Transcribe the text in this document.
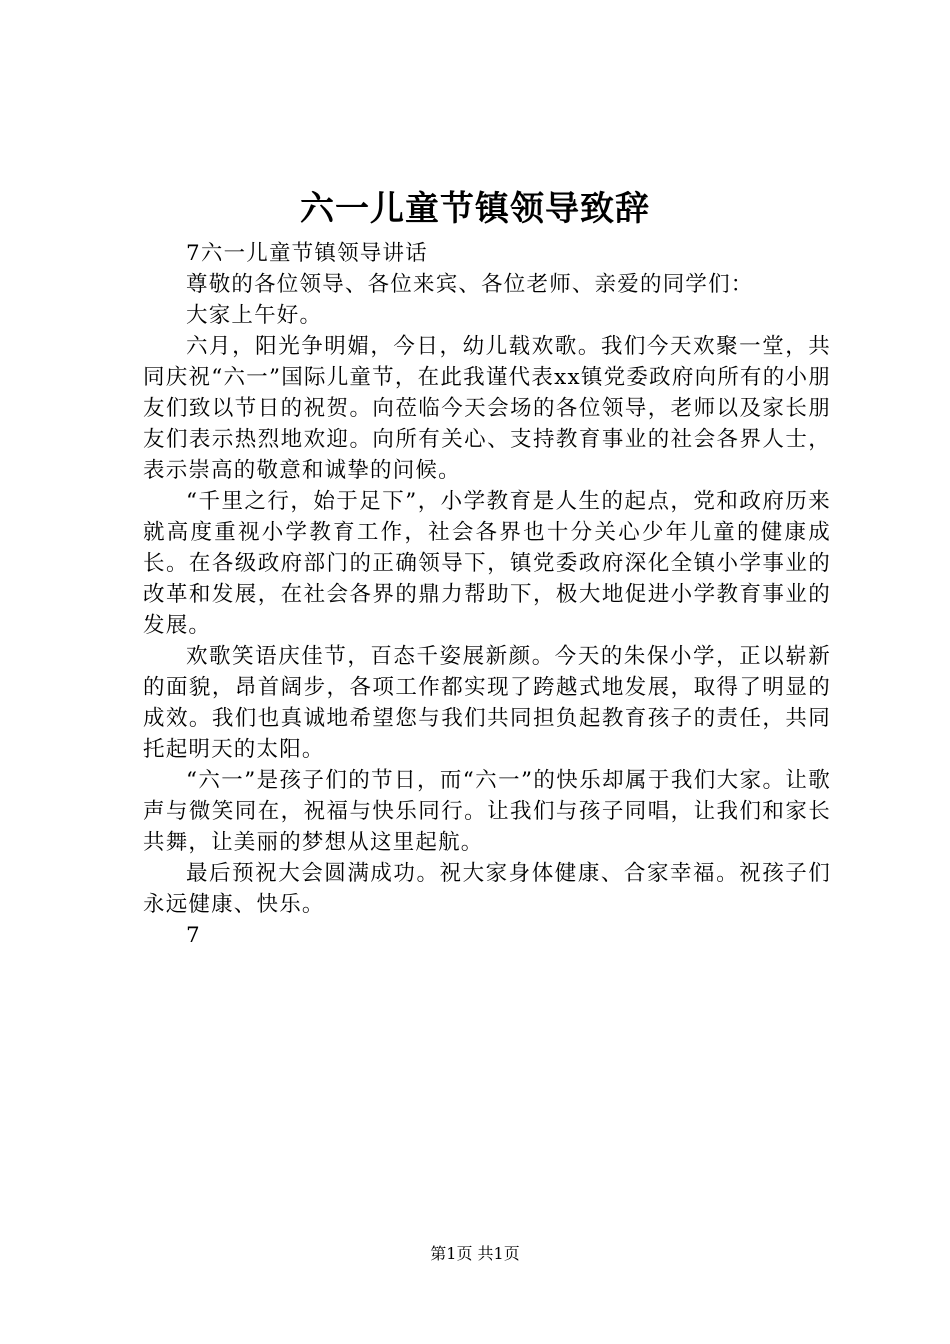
六一儿童节镇领导致辞

7六一儿童节镇领导讲话

尊敬的各位领导、各位来宾、各位老师、亲爱的同学们：

大家上午好。

六月，阳光争明媚，今日，幼儿载欢歌。我们今天欢聚一堂，共同庆祝“六一”国际儿童节，在此我谨代表xx镇党委政府向所有的小朋友们致以节日的祝贺。向莅临今天会场的各位领导，老师以及家长朋友们表示热烈地欢迎。向所有关心、支持教育事业的社会各界人士，表示崇高的敬意和诚挚的问候。

“千里之行，始于足下”，小学教育是人生的起点，党和政府历来就高度重视小学教育工作，社会各界也十分关心少年儿童的健康成长。在各级政府部门的正确领导下，镇党委政府深化全镇小学事业的改革和发展，在社会各界的鼎力帮助下，极大地促进小学教育事业的发展。

欢歌笑语庆佳节，百态千姿展新颜。今天的朱保小学，正以崭新的面貌，昂首阔步，各项工作都实现了跨越式地发展，取得了明显的成效。我们也真诚地希望您与我们共同担负起教育孩子的责任，共同托起明天的太阳。

“六一”是孩子们的节日，而“六一”的快乐却属于我们大家。让歌声与微笑同在，祝福与快乐同行。让我们与孩子同唱，让我们和家长共舞，让美丽的梦想从这里起航。

最后预祝大会圆满成功。祝大家身体健康、合家幸福。祝孩子们永远健康、快乐。

7

第1页 共1页
